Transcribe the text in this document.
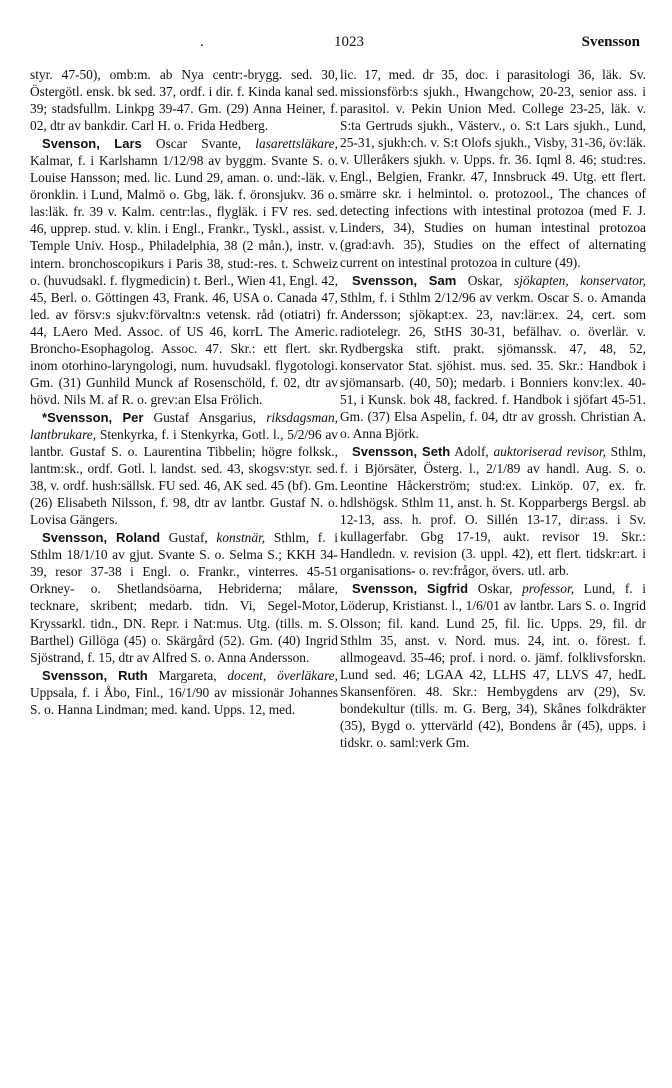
.	1023	Svensson

styr. 47-50), omb:m. ab Nya centr:-brygg. sed. 30, Östergötl. ensk. bk sed. 37, ordf. i dir. f. Kinda kanal sed. 39; stadsfullm. Linkpg 39-47. Gm. (29) Anna Heiner, f. 02, dtr av bankdir. Carl H. o. Frida Hedberg.

Svenson, Lars Oscar Svante, lasarettsläkare, Kalmar, f. i Karlshamn 1/12/98 av byggm. Svante S. o. Louise Hansson; med. lic. Lund 29, aman. o. und:-läk. v. öronklin. i Lund, Malmö o. Gbg, läk. f. öronsjukv. 36 o. las:läk. fr. 39 v. Kalm. centr:las., flygläk. i FV res. sed. 46, upprep. stud. v. klin. i Engl., Frankr., Tyskl., assist. v. Temple Univ. Hosp., Philadelphia, 38 (2 mån.), instr. v. intern. bronchoscopikurs i Paris 38, stud:-res. t. Schweiz o. (huvudsakl. f. flygmedicin) t. Berl., Wien 41, Engl. 42, 45, Berl. o. Göttingen 43, Frank. 46, USA o. Canada 47, led. av försv:s sjukv:förvaltn:s vetensk. råd (otiatri) fr. 44, LAero Med. Assoc. of US 46, korrL The Americ. Broncho-Esophagolog. Assoc. 47. Skr.: ett flert. skr. inom otorhino-laryngologi, num. huvudsakl. flygotologi. Gm. (31) Gunhild Munck af Rosenschöld, f. 02, dtr av hövd. Nils M. af R. o. grev:an Elsa Frölich.

*Svensson, Per Gustaf Ansgarius, riksdagsman, lantbrukare, Stenkyrka, f. i Stenkyrka, Gotl. l., 5/2/96 av lantbr. Gustaf S. o. Laurentina Tibbelin; högre folksk., lantm:sk., ordf. Gotl. l. landst. sed. 43, skogsv:styr. sed. 38, v. ordf. hush:sällsk. FU sed. 46, AK sed. 45 (bf). Gm. (26) Elisabeth Nilsson, f. 98, dtr av lantbr. Gustaf N. o. Lovisa Gängers.

Svensson, Roland Gustaf, konstnär, Sthlm, f. i Sthlm 18/1/10 av gjut. Svante S. o. Selma S.; KKH 34-39, resor 37-38 i Engl. o. Frankr., vinterres. 45-51 Orkney- o. Shetlandsöarna, Hebriderna; målare, tecknare, skribent; medarb. tidn. Vi, Segel-Motor, Kryssarkl. tidn., DN. Repr. i Nat:mus. Utg. (tills. m. S. Barthel) Gillöga (45) o. Skärgård (52). Gm. (40) Ingrid Sjöstrand, f. 15, dtr av Alfred S. o. Anna Andersson.

Svensson, Ruth Margareta, docent, överläkare, Uppsala, f. i Åbo, Finl., 16/1/90 av missionär Johannes S. o. Hanna Lindman; med. kand. Upps. 12, med.

lic. 17, med. dr 35, doc. i parasitologi 36, läk. Sv. missionsförb:s sjukh., Hwangchow, 20-23, senior ass. i parasitol. v. Pekin Union Med. College 23-25, läk. v. S:ta Gertruds sjukh., Västerv., o. S:t Lars sjukh., Lund, 25-31, sjukh:ch. v. S:t Olofs sjukh., Visby, 31-36, öv:läk. v. Ulleråkers sjukh. v. Upps. fr. 36. Iqml 8. 46; stud:res. Engl., Belgien, Frankr. 47, Innsbruck 49. Utg. ett flert. smärre skr. i helmintol. o. protozool., The chances of detecting infections with intestinal protozoa (med F. J. Linders, 34), Studies on human intestinal protozoa (grad:avh. 35), Studies on the effect of alternating current on intestinal protozoa in culture (49).

Svensson, Sam Oskar, sjökapten, konservator, Sthlm, f. i Sthlm 2/12/96 av verkm. Oscar S. o. Amanda Andersson; sjökapt:ex. 23, nav:lär:ex. 24, cert. som radiotelegr. 26, StHS 30-31, befälhav. o. överlär. v. Rydbergska stift. prakt. sjömanssk. 47, 48, 52, konservator Stat. sjöhist. mus. sed. 35. Skr.: Handbok i sjömansarb. (40, 50); medarb. i Bonniers konv:lex. 40-51, i Kunsk. bok 48, fackred. f. Handbok i sjöfart 45-51. Gm. (37) Elsa Aspelin, f. 04, dtr av grossh. Christian A. o. Anna Björk.

Svensson, Seth Adolf, auktoriserad revisor, Sthlm, f. i Björsäter, Österg. l., 2/1/89 av handl. Aug. S. o. Leontine Håckerström; stud:ex. Linköp. 07, ex. fr. hdlshögsk. Sthlm 11, anst. h. St. Kopparbergs Bergsl. ab 12-13, ass. h. prof. O. Sillén 13-17, dir:ass. i Sv. kullagerfabr. Gbg 17-19, aukt. revisor 19. Skr.: Handledn. v. revision (3. uppl. 42), ett flert. tidskr:art. i organisations- o. rev:frågor, övers. utl. arb.

Svensson, Sigfrid Oskar, professor, Lund, f. i Löderup, Kristianst. l., 1/6/01 av lantbr. Lars S. o. Ingrid Olsson; fil. kand. Lund 25, fil. lic. Upps. 29, fil. dr Sthlm 35, anst. v. Nord. mus. 24, int. o. förest. f. allmogeavd. 35-46; prof. i nord. o. jämf. folklivsforskn. Lund sed. 46; LGAA 42, LLHS 47, LLVS 47, hedL Skansenfören. 48. Skr.: Hembygdens arv (29), Sv. bondekultur (tills. m. G. Berg, 34), Skånes folkdräkter (35), Bygd o. yttervärld (42), Bondens år (45), upps. i tidskr. o. saml:verk Gm.
